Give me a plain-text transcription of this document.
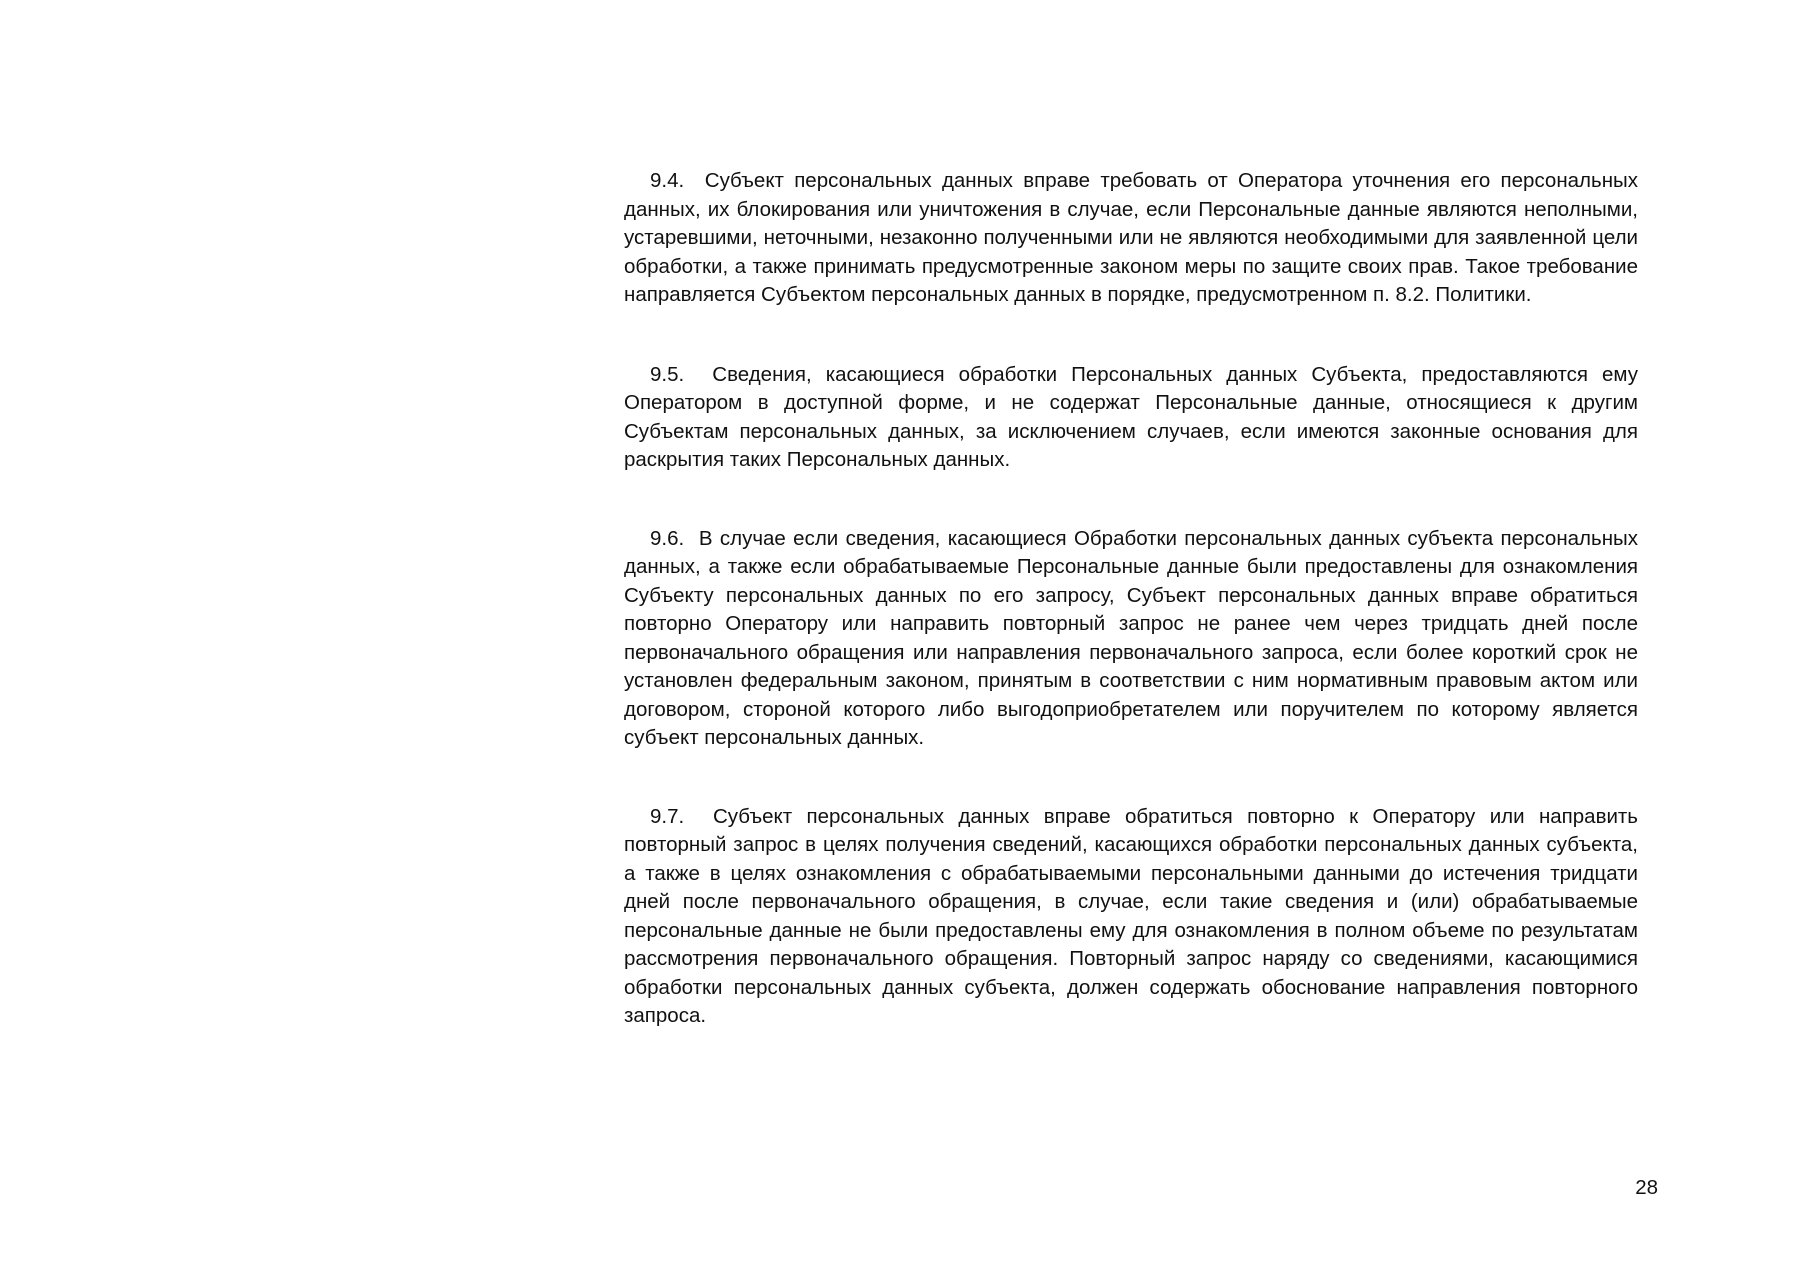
9.4.  Субъект персональных данных вправе требовать от Оператора уточнения его персональных данных, их блокирования или уничтожения в случае, если Персональные данные являются неполными, устаревшими, неточными, незаконно полученными или не являются необходимыми для заявленной цели обработки, а также принимать предусмотренные законом меры по защите своих прав. Такое требование направляется Субъектом персональных данных в порядке, предусмотренном п. 8.2. Политики.

9.5.  Сведения, касающиеся обработки Персональных данных Субъекта, предоставляются ему Оператором в доступной форме, и не содержат Персональные данные, относящиеся к другим Субъектам персональных данных, за исключением случаев, если имеются законные основания для раскрытия таких Персональных данных.

9.6.  В случае если сведения, касающиеся Обработки персональных данных субъекта персональных данных, а также если обрабатываемые Персональные данные были предоставлены для ознакомления Субъекту персональных данных по его запросу, Субъект персональных данных вправе обратиться повторно Оператору или направить повторный запрос не ранее чем через тридцать дней после первоначального обращения или направления первоначального запроса, если более короткий срок не установлен федеральным законом, принятым в соответствии с ним нормативным правовым актом или договором, стороной которого либо выгодоприобретателем или поручителем по которому является субъект персональных данных.

9.7.  Субъект персональных данных вправе обратиться повторно к Оператору или направить повторный запрос в целях получения сведений, касающихся обработки персональных данных субъекта, а также в целях ознакомления с обрабатываемыми персональными данными до истечения тридцати дней после первоначального обращения, в случае, если такие сведения и (или) обрабатываемые персональные данные не были предоставлены ему для ознакомления в полном объеме по результатам рассмотрения первоначального обращения. Повторный запрос наряду со сведениями, касающимися обработки персональных данных субъекта, должен содержать обоснование направления повторного запроса.

28
